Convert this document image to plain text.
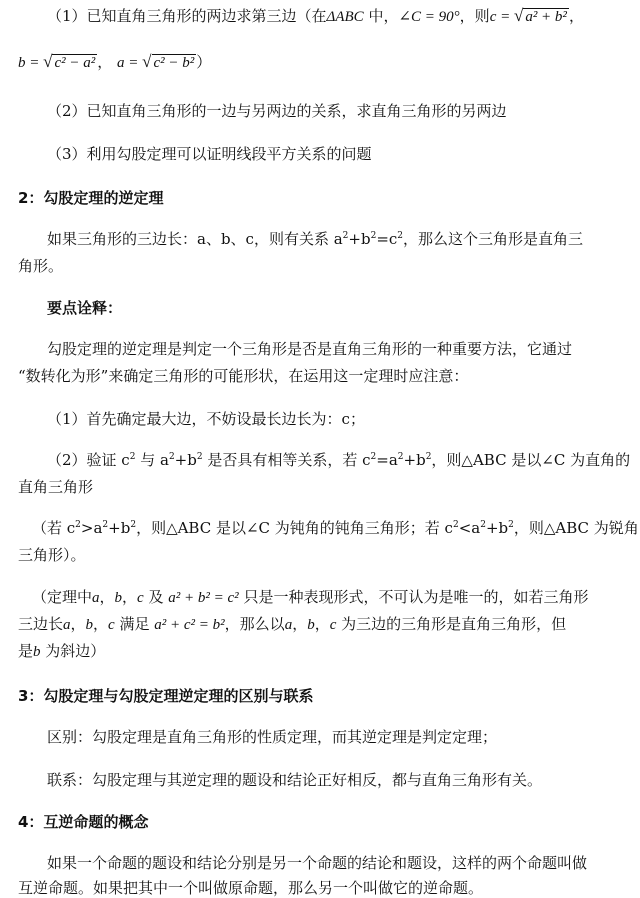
（1）已知直角三角形的两边求第三边（在ΔABC 中，∠C = 90°，则c = √ a² + b² ，
b = √ c² − a² ， a = √ c² − b² ）
（2）已知直角三角形的一边与另两边的关系，求直角三角形的另两边
（3）利用勾股定理可以证明线段平方关系的问题
2：勾股定理的逆定理
如果三角形的三边长：a、b、c，则有关系 $a^2+b^2=c^2$，那么这个三角形是直角三
角形。
要点诠释：
勾股定理的逆定理是判定一个三角形是否是直角三角形的一种重要方法，它通过
“数转化为形”来确定三角形的可能形状，在运用这一定理时应注意：
（1）首先确定最大边，不妨设最长边长为：c；
（2）验证 $c^2$ 与 $a^2+b^2$ 是否具有相等关系，若 $c^2=a^2+b^2$，则△ABC 是以∠C 为直角的
直角三角形
（若 $c^2>a^2+b^2$，则△ABC 是以∠C 为钝角的钝角三角形；若 $c^2<a^2+b^2$，则△ABC 为锐角
三角形）。
（定理中a，b，c 及 a² + b² = c² 只是一种表现形式，不可认为是唯一的，如若三角形
三边长a，b，c 满足 a² + c² = b²，那么以a，b，c 为三边的三角形是直角三角形，但
是b 为斜边）
3：勾股定理与勾股定理逆定理的区别与联系
区别：勾股定理是直角三角形的性质定理，而其逆定理是判定定理；
联系：勾股定理与其逆定理的题设和结论正好相反，都与直角三角形有关。
4：互逆命题的概念
如果一个命题的题设和结论分别是另一个命题的结论和题设，这样的两个命题叫做
互逆命题。如果把其中一个叫做原命题，那么另一个叫做它的逆命题。
